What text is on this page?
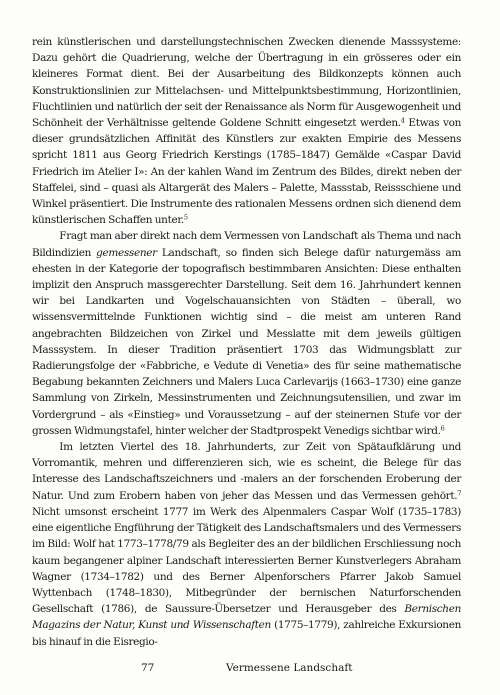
rein künstlerischen und darstellungstechnischen Zwecken dienende Masssysteme: Dazu gehört die Quadrierung, welche der Übertragung in ein grösseres oder ein kleineres Format dient. Bei der Ausarbeitung des Bildkonzepts können auch Konstruktionslinien zur Mittelachsen- und Mittelpunktsbestimmung, Horizontlinien, Fluchtlinien und natürlich der seit der Renaissance als Norm für Ausgewogenheit und Schönheit der Verhältnisse geltende Goldene Schnitt eingesetzt werden.$^4$ Etwas von dieser grundsätzlichen Affinität des Künstlers zur exakten Empirie des Messens spricht 1811 aus Georg Friedrich Kerstings (1785–1847) Gemälde «Caspar David Friedrich im Atelier I»: An der kahlen Wand im Zentrum des Bildes, direkt neben der Staffelei, sind – quasi als Altargerät des Malers – Palette, Massstab, Reissschiene und Winkel präsentiert. Die Instrumente des rationalen Messens ordnen sich dienend dem künstlerischen Schaffen unter.$^5$

Fragt man aber direkt nach dem Vermessen von Landschaft als Thema und nach Bildindizien gemessener Landschaft, so finden sich Belege dafür naturgemäss am ehesten in der Kategorie der topografisch bestimmbaren Ansichten: Diese enthalten implizit den Anspruch massgerechter Darstellung. Seit dem 16. Jahrhundert kennen wir bei Landkarten und Vogelschauansichten von Städten – überall, wo wissensvermittelnde Funktionen wichtig sind – die meist am unteren Rand angebrachten Bildzeichen von Zirkel und Messlatte mit dem jeweils gültigen Masssystem. In dieser Tradition präsentiert 1703 das Widmungsblatt zur Radierungsfolge der «Fabbriche, e Vedute di Venetia» des für seine mathematische Begabung bekannten Zeichners und Malers Luca Carlevarijs (1663–1730) eine ganze Sammlung von Zirkeln, Messinstrumenten und Zeichnungsutensilien, und zwar im Vordergrund – als «Einstieg» und Voraussetzung – auf der steinernen Stufe vor der grossen Widmungstafel, hinter welcher der Stadtprospekt Venedigs sichtbar wird.$^6$

Im letzten Viertel des 18. Jahrhunderts, zur Zeit von Spätaufklärung und Vorromantik, mehren und differenzieren sich, wie es scheint, die Belege für das Interesse des Landschaftszeichners und -malers an der forschenden Eroberung der Natur. Und zum Erobern haben von jeher das Messen und das Vermessen gehört.$^7$ Nicht umsonst erscheint 1777 im Werk des Alpenmalers Caspar Wolf (1735–1783) eine eigentliche Engführung der Tätigkeit des Landschaftsmalers und des Vermessers im Bild: Wolf hat 1773–1778/79 als Begleiter des an der bildlichen Erschliessung noch kaum begangener alpiner Landschaft interessierten Berner Kunstverlegers Abraham Wagner (1734–1782) und des Berner Alpenforschers Pfarrer Jakob Samuel Wyttenbach (1748–1830), Mitbegründer der bernischen Naturforschenden Gesellschaft (1786), de Saussure-Übersetzer und Herausgeber des Bernischen Magazins der Natur, Kunst und Wissenschaften (1775–1779), zahlreiche Exkursionen bis hinauf in die Eisregio-

77	Vermessene Landschaft
